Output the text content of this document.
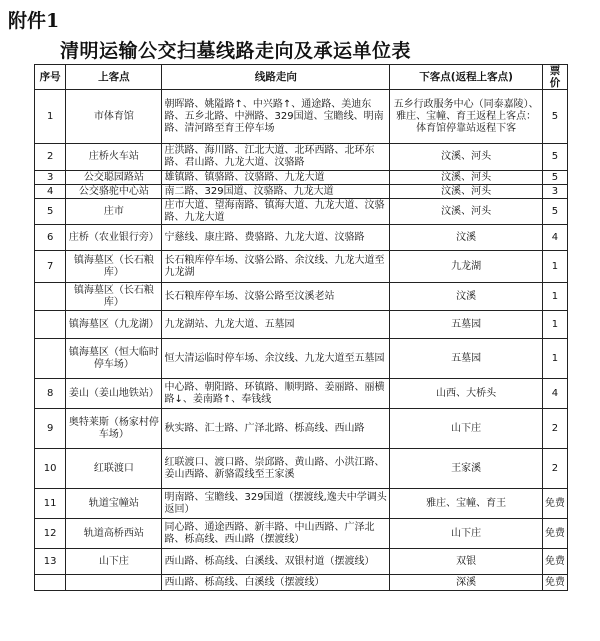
附件1
清明运输公交扫墓线路走向及承运单位表
序号	上客点	线路走向	下客点(返程上客点)	票价
1	市体育馆	朝晖路、姚隘路↑、中兴路↑、通途路、美迪东路、五乡北路、中洲路、329国道、宝瞻线、明南路、清河路至育王停车场	五乡行政服务中心（同泰嘉陵）、雅庄、宝幢、育王返程上客点：体育馆停靠站返程下客	5
2	庄桥火车站	庄洪路、海川路、江北大道、北环西路、北环东路、君山路、九龙大道、汶骆路	汶溪、河头	5
3	公交聪园路站	雄镇路、镇骆路、汶骆路、九龙大道	汶溪、河头	5
4	公交骆驼中心站	南二路、329国道、汶骆路、九龙大道	汶溪、河头	3
5	庄市	庄市大道、望海南路、镇海大道、九龙大道、汶骆路、九龙大道	汶溪、河头	5
6	庄桥（农业银行旁）	宁慈线、康庄路、费骆路、九龙大道、汶骆路	汶溪	4
7	镇海墓区（长石粮库）	长石粮库停车场、汶骆公路、余汶线、九龙大道至九龙湖	九龙湖	1
	镇海墓区（长石粮库）	长石粮库停车场、汶骆公路至汶溪老站	汶溪	1
	镇海墓区（九龙湖）	九龙湖站、九龙大道、五墓园	五墓园	1
	镇海墓区（恒大临时停车场）	恒大清运临时停车场、余汶线、九龙大道至五墓园	五墓园	1
8	姜山（姜山地铁站）	中心路、朝阳路、环镇路、顺明路、姜丽路、丽横路↓、姜南路↑、奉钱线	山西、大桥头	4
9	奥特莱斯（杨家村停车场）	秋实路、汇士路、广泽北路、栎高线、西山路	山下庄	2
10	红联渡口	红联渡口、渡口路、崇邱路、黄山路、小洪江路、姜山西路、新骆霞线至王家溪	王家溪	2
11	轨道宝幢站	明南路、宝瞻线、329国道（摆渡线,逸夫中学调头返回）	雅庄、宝幢、育王	免费
12	轨道高桥西站	同心路、通途西路、新丰路、中山西路、广泽北路、栎高线、西山路（摆渡线）	山下庄	免费
13	山下庄	西山路、栎高线、白溪线、双银村道（摆渡线）	双银	免费
		西山路、栎高线、白溪线（摆渡线）	深溪	免费
